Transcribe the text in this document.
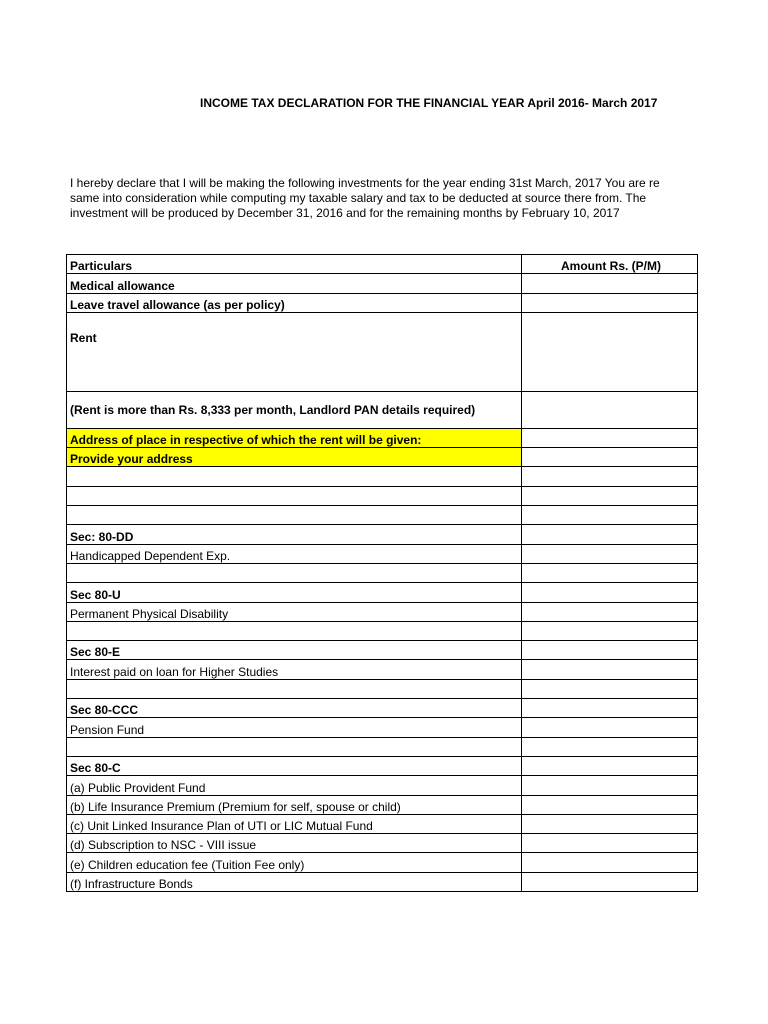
INCOME TAX DECLARATION FOR THE FINANCIAL YEAR April 2016- March 2017
I hereby declare that I will be making the following investments for the year ending 31st March, 2017 You are re
same into consideration while computing my taxable salary and tax to be deducted at source there from. The
investment will be produced by December 31, 2016 and for the remaining months by February 10, 2017
Particulars	Amount Rs. (P/M)
Medical allowance	
Leave travel allowance (as per policy)	
Rent	
(Rent is more than Rs. 8,333 per month, Landlord PAN details required)	
Address of place in respective of which the rent will be given:	
Provide your address	

Sec: 80-DD	
Handicapped Dependent Exp.	

Sec 80-U	
Permanent Physical Disability	

Sec 80-E	
Interest paid on loan for Higher Studies	

Sec 80-CCC	
Pension Fund	

Sec 80-C	
(a) Public Provident Fund	
(b) Life Insurance Premium (Premium for self, spouse or child)	
(c) Unit Linked Insurance Plan of UTI or LIC Mutual Fund	
(d) Subscription to NSC - VIII issue	
(e) Children education fee (Tuition Fee only)	
(f) Infrastructure Bonds	
